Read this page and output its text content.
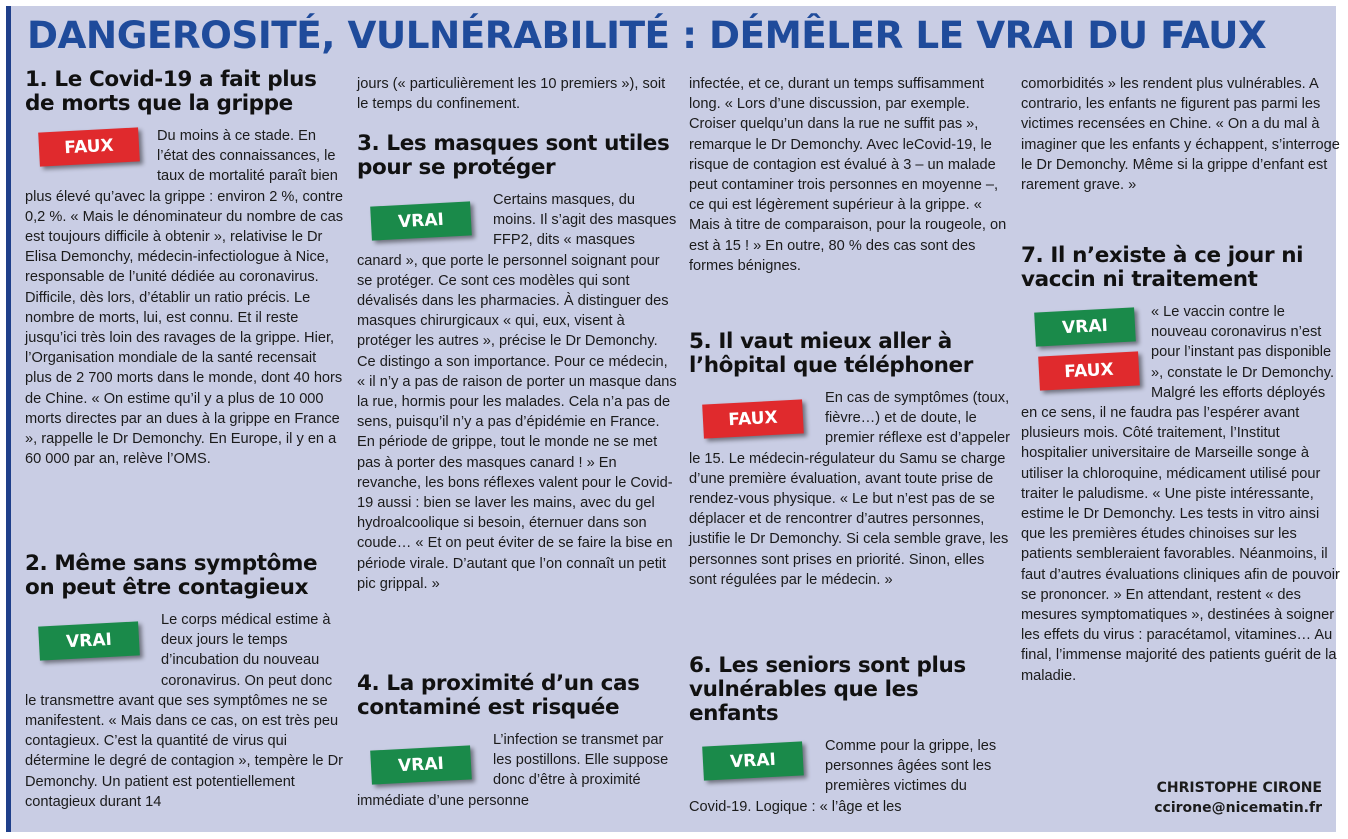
DANGEROSITÉ, VULNÉRABILITÉ : DÉMÊLER LE VRAI DU FAUX
1. Le Covid-19 a fait plus de morts que la grippe
FAUX	Du moins à ce stade. En l’état des connaissances, le taux de mortalité paraît bien plus élevé qu’avec la grippe : environ 2 %, contre 0,2 %. « Mais le dénominateur du nombre de cas est toujours difficile à obtenir », relativise le Dr Elisa Demonchy, médecin-infectiologue à Nice, responsable de l’unité dédiée au coronavirus. Difficile, dès lors, d’établir un ratio précis. Le nombre de morts, lui, est connu. Et il reste jusqu’ici très loin des ravages de la grippe. Hier, l’Organisation mondiale de la santé recensait plus de 2 700 morts dans le monde, dont 40 hors de Chine. « On estime qu’il y a plus de 10 000 morts directes par an dues à la grippe en France », rappelle le Dr Demonchy. En Europe, il y en a 60 000 par an, relève l’OMS.

2. Même sans symptôme on peut être contagieux
VRAI

Le corps médical estime à deux jours le temps d’incubation du nouveau coronavirus. On peut donc le transmettre avant que ses symptômes ne se manifestent. « Mais dans ce cas, on est très peu contagieux. C’est la quantité de virus qui détermine le degré de contagion », tempère le Dr Demonchy. Un patient est potentiellement contagieux durant 14

jours (« particulièrement les 10 premiers »), soit le temps du confinement.

3. Les masques sont utiles pour se protéger
VRAI

Certains masques, du moins. Il s’agit des masques FFP2, dits « masques canard », que porte le personnel soignant pour se protéger. Ce sont ces modèles qui sont dévalisés dans les pharmacies. À distinguer des masques chirurgicaux « qui, eux, visent à protéger les autres », précise le Dr Demonchy. Ce distingo a son importance. Pour ce médecin, « il n’y a pas de raison de porter un masque dans la rue, hormis pour les malades. Cela n’a pas de sens, puisqu’il n’y a pas d’épidémie en France. En période de grippe, tout le monde ne se met pas à porter des masques canard ! » En revanche, les bons réflexes valent pour le Covid-19 aussi : bien se laver les mains, avec du gel hydroalcoolique si besoin, éternuer dans son coude… « Et on peut éviter de se faire la bise en période virale. D’autant que l’on connaît un petit pic grippal. »

4. La proximité d’un cas contaminé est risquée
VRAI

L’infection se transmet par les postillons. Elle suppose donc d’être à proximité immédiate d’une personne

infectée, et ce, durant un temps suffisamment long. « Lors d’une discussion, par exemple. Croiser quelqu’un dans la rue ne suffit pas », remarque le Dr Demonchy. Avec leCovid-19, le risque de contagion est évalué à 3 – un malade peut contaminer trois personnes en moyenne –, ce qui est légèrement supérieur à la grippe. « Mais à titre de comparaison, pour la rougeole, on est à 15 ! » En outre, 80 % des cas sont des formes bénignes.

5. Il vaut mieux aller à l’hôpital que téléphoner
FAUX

En cas de symptômes (toux, fièvre…) et de doute, le premier réflexe est d’appeler le 15. Le médecin-régulateur du Samu se charge d’une première évaluation, avant toute prise de rendez-vous physique. « Le but n’est pas de se déplacer et de rencontrer d’autres personnes, justifie le Dr Demonchy. Si cela semble grave, les personnes sont prises en priorité. Sinon, elles sont régulées par le médecin. »

6. Les seniors sont plus vulnérables que les enfants
VRAI

Comme pour la grippe, les personnes âgées sont les premières victimes du Covid-19. Logique : « l’âge et les

comorbidités » les rendent plus vulnérables. A contrario, les enfants ne figurent pas parmi les victimes recensées en Chine. « On a du mal à imaginer que les enfants y échappent, s’interroge le Dr Demonchy. Même si la grippe d’enfant est rarement grave. »

7. Il n’existe à ce jour ni vaccin ni traitement
VRAI
FAUX

« Le vaccin contre le nouveau coronavirus n’est pour l’instant pas disponible », constate le Dr Demonchy. Malgré les efforts déployés en ce sens, il ne faudra pas l’espérer avant plusieurs mois. Côté traitement, l’Institut hospitalier universitaire de Marseille songe à utiliser la chloroquine, médicament utilisé pour traiter le paludisme. « Une piste intéressante, estime le Dr Demonchy. Les tests in vitro ainsi que les premières études chinoises sur les patients sembleraient favorables. Néanmoins, il faut d’autres évaluations cliniques afin de pouvoir se prononcer. » En attendant, restent « des mesures symptomatiques », destinées à soigner les effets du virus : paracétamol, vitamines… Au final, l’immense majorité des patients guérit de la maladie.

CHRISTOPHE CIRONE
ccirone@nicematin.fr
